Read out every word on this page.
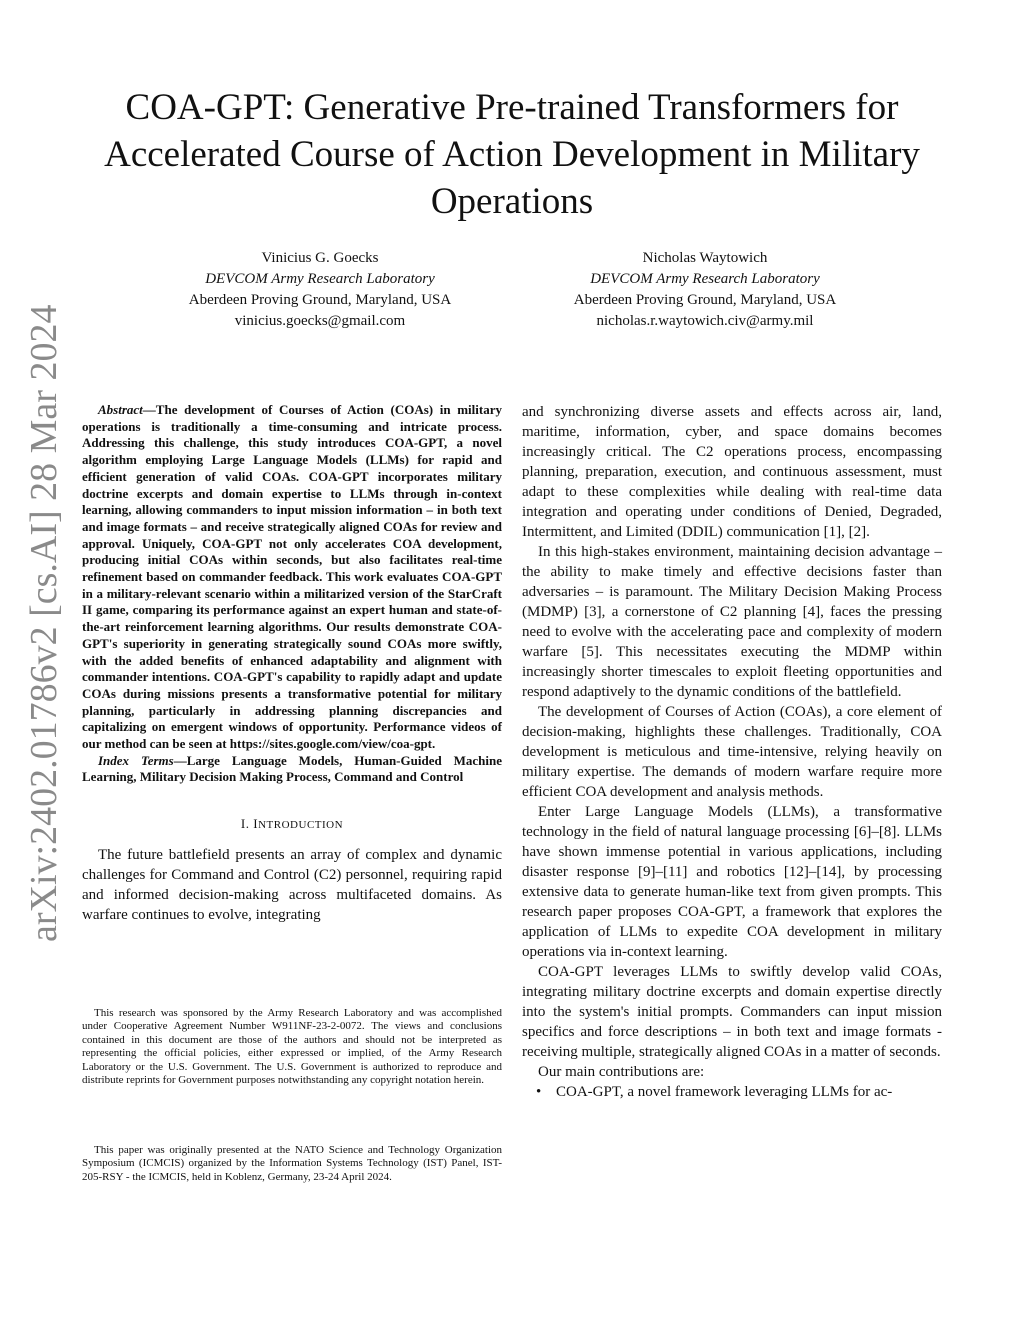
arXiv:2402.01786v2 [cs.AI] 28 Mar 2024
COA-GPT: Generative Pre-trained Transformers for Accelerated Course of Action Development in Military Operations
Vinicius G. Goecks
DEVCOM Army Research Laboratory
Aberdeen Proving Ground, Maryland, USA
vinicius.goecks@gmail.com
Nicholas Waytowich
DEVCOM Army Research Laboratory
Aberdeen Proving Ground, Maryland, USA
nicholas.r.waytowich.civ@army.mil

Abstract—The development of Courses of Action (COAs) in military operations is traditionally a time-consuming and intricate process. Addressing this challenge, this study introduces COA-GPT, a novel algorithm employing Large Language Models (LLMs) for rapid and efficient generation of valid COAs. COA-GPT incorporates military doctrine excerpts and domain expertise to LLMs through in-context learning, allowing commanders to input mission information – in both text and image formats – and receive strategically aligned COAs for review and approval. Uniquely, COA-GPT not only accelerates COA development, producing initial COAs within seconds, but also facilitates real-time refinement based on commander feedback. This work evaluates COA-GPT in a military-relevant scenario within a militarized version of the StarCraft II game, comparing its performance against an expert human and state-of-the-art reinforcement learning algorithms. Our results demonstrate COA-GPT's superiority in generating strategically sound COAs more swiftly, with the added benefits of enhanced adaptability and alignment with commander intentions. COA-GPT's capability to rapidly adapt and update COAs during missions presents a transformative potential for military planning, particularly in addressing planning discrepancies and capitalizing on emergent windows of opportunity. Performance videos of our method can be seen at https://sites.google.com/view/coa-gpt.

Index Terms—Large Language Models, Human-Guided Machine Learning, Military Decision Making Process, Command and Control

I. INTRODUCTION

The future battlefield presents an array of complex and dynamic challenges for Command and Control (C2) personnel, requiring rapid and informed decision-making across multifaceted domains. As warfare continues to evolve, integrating

This research was sponsored by the Army Research Laboratory and was accomplished under Cooperative Agreement Number W911NF-23-2-0072. The views and conclusions contained in this document are those of the authors and should not be interpreted as representing the official policies, either expressed or implied, of the Army Research Laboratory or the U.S. Government. The U.S. Government is authorized to reproduce and distribute reprints for Government purposes notwithstanding any copyright notation herein.

This paper was originally presented at the NATO Science and Technology Organization Symposium (ICMCIS) organized by the Information Systems Technology (IST) Panel, IST-205-RSY - the ICMCIS, held in Koblenz, Germany, 23-24 April 2024.

and synchronizing diverse assets and effects across air, land, maritime, information, cyber, and space domains becomes increasingly critical. The C2 operations process, encompassing planning, preparation, execution, and continuous assessment, must adapt to these complexities while dealing with real-time data integration and operating under conditions of Denied, Degraded, Intermittent, and Limited (DDIL) communication [1], [2].

In this high-stakes environment, maintaining decision advantage – the ability to make timely and effective decisions faster than adversaries – is paramount. The Military Decision Making Process (MDMP) [3], a cornerstone of C2 planning [4], faces the pressing need to evolve with the accelerating pace and complexity of modern warfare [5]. This necessitates executing the MDMP within increasingly shorter timescales to exploit fleeting opportunities and respond adaptively to the dynamic conditions of the battlefield.

The development of Courses of Action (COAs), a core element of decision-making, highlights these challenges. Traditionally, COA development is meticulous and time-intensive, relying heavily on military expertise. The demands of modern warfare require more efficient COA development and analysis methods.

Enter Large Language Models (LLMs), a transformative technology in the field of natural language processing [6]–[8]. LLMs have shown immense potential in various applications, including disaster response [9]–[11] and robotics [12]–[14], by processing extensive data to generate human-like text from given prompts. This research paper proposes COA-GPT, a framework that explores the application of LLMs to expedite COA development in military operations via in-context learning.

COA-GPT leverages LLMs to swiftly develop valid COAs, integrating military doctrine excerpts and domain expertise directly into the system's initial prompts. Commanders can input mission specifics and force descriptions – in both text and image formats - receiving multiple, strategically aligned COAs in a matter of seconds.

Our main contributions are:

• COA-GPT, a novel framework leveraging LLMs for ac-
